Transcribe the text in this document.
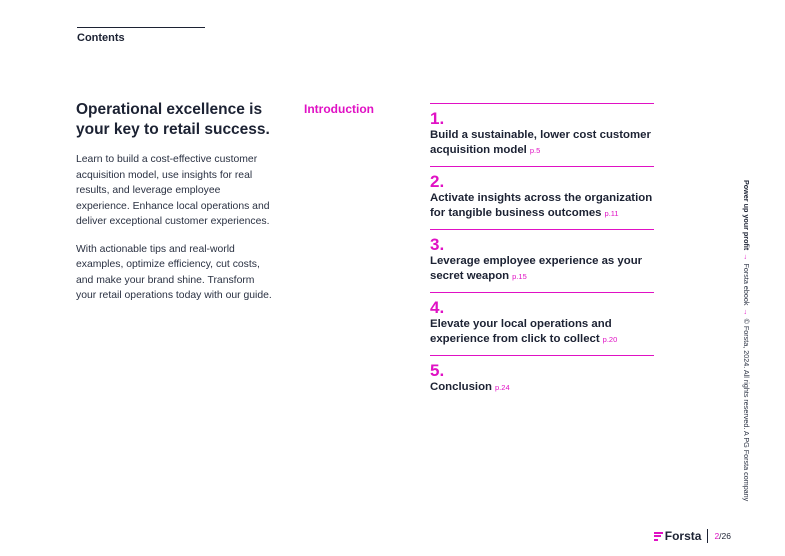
Contents
Operational excellence is your key to retail success.

Learn to build a cost-effective customer acquisition model, use insights for real results, and leverage employee experience. Enhance local operations and deliver exceptional customer experiences.

With actionable tips and real-world examples, optimize efficiency, cut costs, and make your brand shine. Transform your retail operations today with our guide.

Introduction	1.
Build a sustainable, lower cost customer acquisition model p.5
2.
Activate insights across the organization for tangible business outcomes p.11
3.
Leverage employee experience as your secret weapon p.15
4.
Elevate your local operations and experience from click to collect p.20
5.
Conclusion p.24
Power up your profit→Forsta ebook→© Forsta, 2024. All rights reserved. A PG Forsta company
Forsta 2/26
